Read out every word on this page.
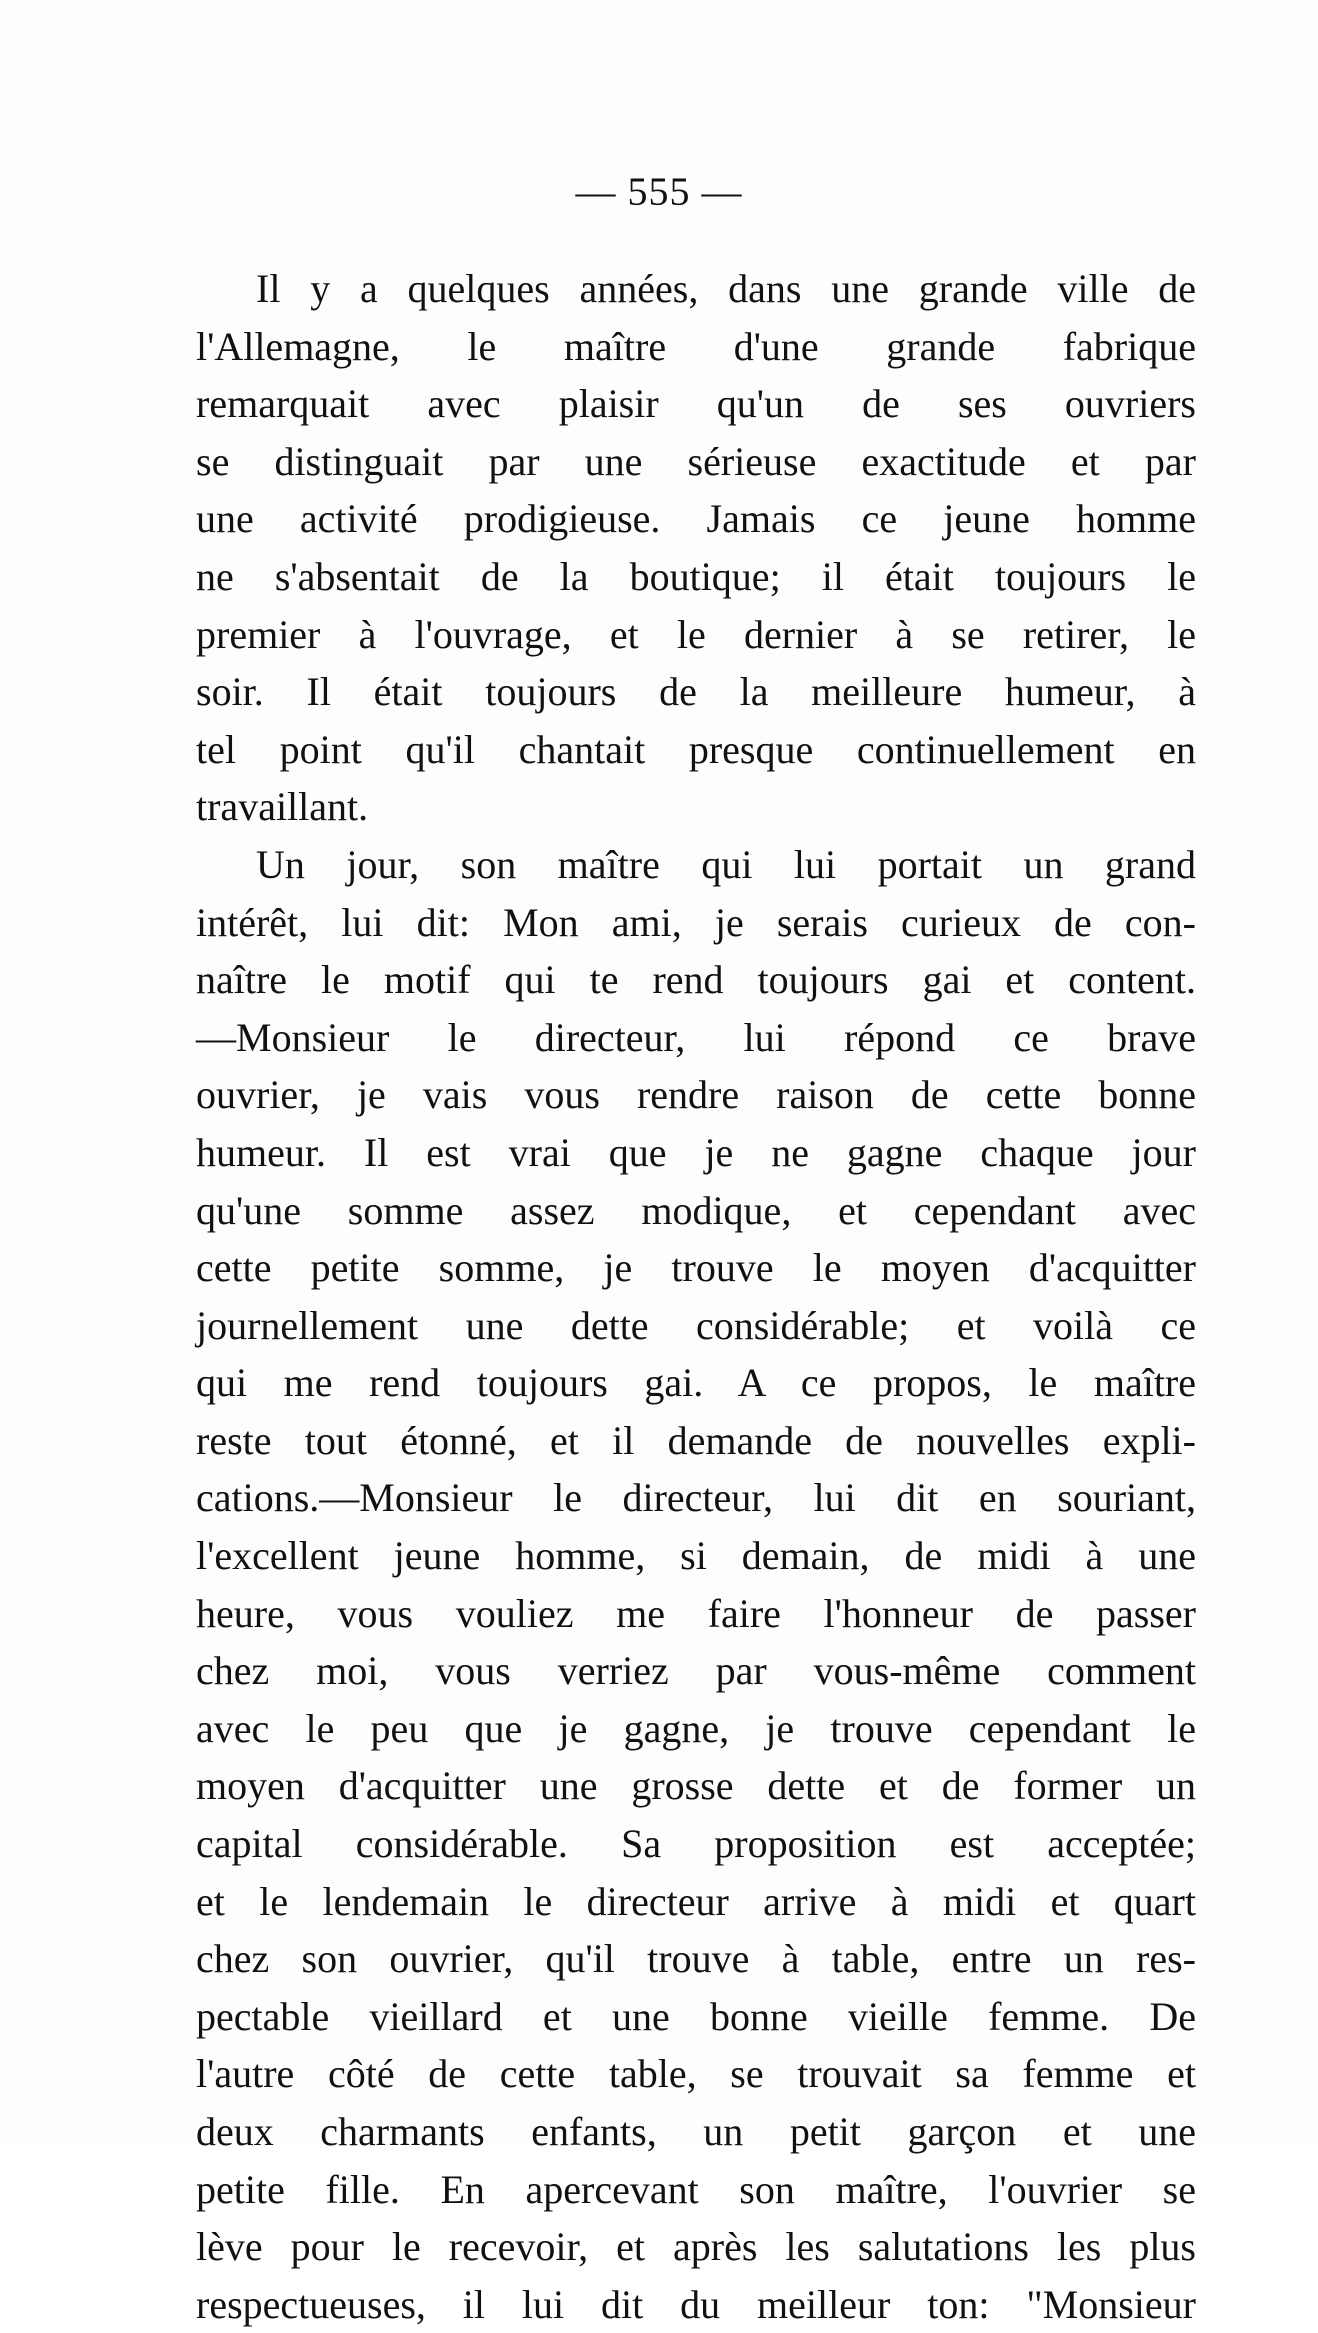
— 555 —
Il y a quelques années, dans une grande ville de
l'Allemagne, le maître d'une grande fabrique
remarquait avec plaisir qu'un de ses ouvriers
se distinguait par une sérieuse exactitude et par
une activité prodigieuse. Jamais ce jeune homme
ne s'absentait de la boutique; il était toujours le
premier à l'ouvrage, et le dernier à se retirer, le
soir. Il était toujours de la meilleure humeur, à
tel point qu'il chantait presque continuellement en
travaillant.
Un jour, son maître qui lui portait un grand
intérêt, lui dit: Mon ami, je serais curieux de con-
naître le motif qui te rend toujours gai et content.
—Monsieur le directeur, lui répond ce brave
ouvrier, je vais vous rendre raison de cette bonne
humeur. Il est vrai que je ne gagne chaque jour
qu'une somme assez modique, et cependant avec
cette petite somme, je trouve le moyen d'acquitter
journellement une dette considérable; et voilà ce
qui me rend toujours gai. A ce propos, le maître
reste tout étonné, et il demande de nouvelles expli-
cations.—Monsieur le directeur, lui dit en souriant,
l'excellent jeune homme, si demain, de midi à une
heure, vous vouliez me faire l'honneur de passer
chez moi, vous verriez par vous-même comment
avec le peu que je gagne, je trouve cependant le
moyen d'acquitter une grosse dette et de former un
capital considérable. Sa proposition est acceptée;
et le lendemain le directeur arrive à midi et quart
chez son ouvrier, qu'il trouve à table, entre un res-
pectable vieillard et une bonne vieille femme. De
l'autre côté de cette table, se trouvait sa femme et
deux charmants enfants, un petit garçon et une
petite fille. En apercevant son maître, l'ouvrier se
lève pour le recevoir, et après les salutations les plus
respectueuses, il lui dit du meilleur ton: "Monsieur
